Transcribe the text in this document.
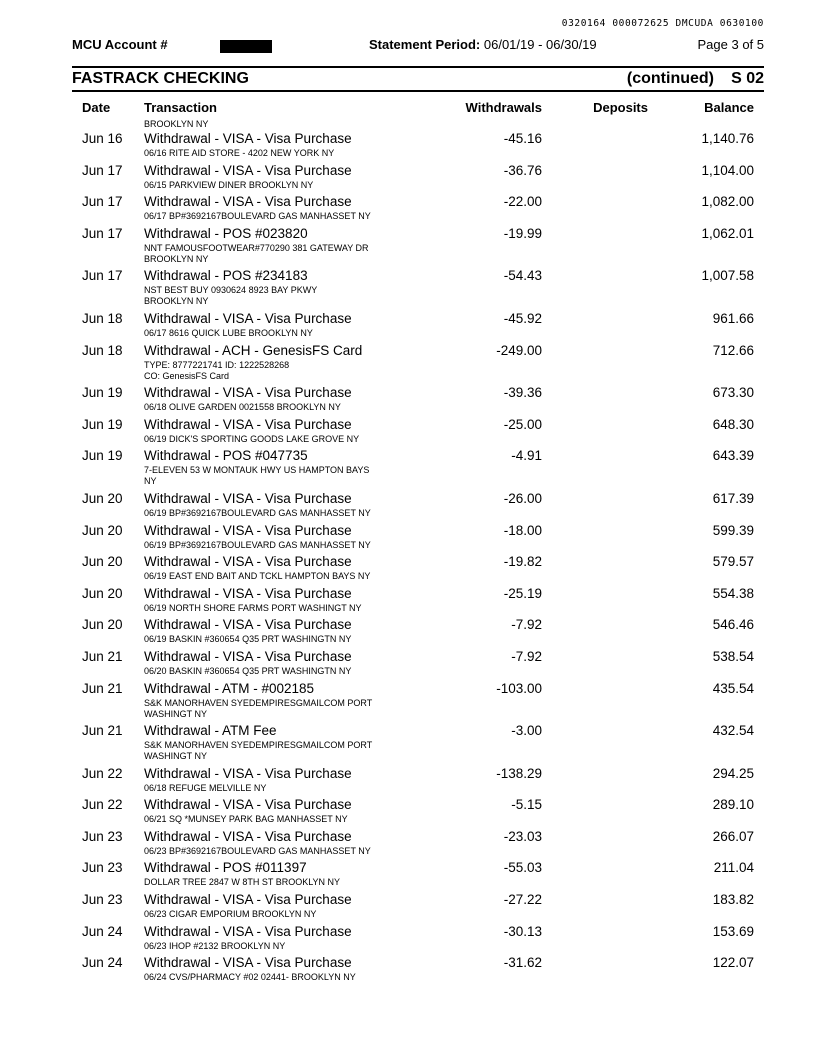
0320164 000072625 DMCUDA 0630100
MCU Account #	Statement Period: 06/01/19 - 06/30/19	Page 3 of 5
FASTRACK CHECKING	(continued) S 02
Date	Transaction	Withdrawals	Deposits	Balance
BROOKLYN NY
Jun 16 Withdrawal - VISA - Visa Purchase	-45.16	1,140.76
06/16 RITE AID STORE - 4202 NEW YORK NY
Jun 17 Withdrawal - VISA - Visa Purchase	-36.76	1,104.00
06/15 PARKVIEW DINER BROOKLYN NY
Jun 17 Withdrawal - VISA - Visa Purchase	-22.00	1,082.00
06/17 BP#3692167BOULEVARD GAS MANHASSET NY
Jun 17 Withdrawal - POS #023820	-19.99	1,062.01
NNT FAMOUSFOOTWEAR#770290 381 GATEWAY DR
BROOKLYN NY
Jun 17 Withdrawal - POS #234183	-54.43	1,007.58
NST BEST BUY 0930624 8923 BAY PKWY
BROOKLYN NY
Jun 18 Withdrawal - VISA - Visa Purchase	-45.92	961.66
06/17 8616 QUICK LUBE BROOKLYN NY
Jun 18 Withdrawal - ACH - GenesisFS Card	-249.00	712.66
TYPE: 8777221741 ID: 1222528268
CO: GenesisFS Card
Jun 19 Withdrawal - VISA - Visa Purchase	-39.36	673.30
06/18 OLIVE GARDEN 0021558 BROOKLYN NY
Jun 19 Withdrawal - VISA - Visa Purchase	-25.00	648.30
06/19 DICK'S SPORTING GOODS LAKE GROVE NY
Jun 19 Withdrawal - POS #047735	-4.91	643.39
7-ELEVEN 53 W MONTAUK HWY US HAMPTON BAYS
NY
Jun 20 Withdrawal - VISA - Visa Purchase	-26.00	617.39
06/19 BP#3692167BOULEVARD GAS MANHASSET NY
Jun 20 Withdrawal - VISA - Visa Purchase	-18.00	599.39
06/19 BP#3692167BOULEVARD GAS MANHASSET NY
Jun 20 Withdrawal - VISA - Visa Purchase	-19.82	579.57
06/19 EAST END BAIT AND TCKL HAMPTON BAYS NY
Jun 20 Withdrawal - VISA - Visa Purchase	-25.19	554.38
06/19 NORTH SHORE FARMS PORT WASHINGT NY
Jun 20 Withdrawal - VISA - Visa Purchase	-7.92	546.46
06/19 BASKIN #360654 Q35 PRT WASHINGTN NY
Jun 21 Withdrawal - VISA - Visa Purchase	-7.92	538.54
06/20 BASKIN #360654 Q35 PRT WASHINGTN NY
Jun 21 Withdrawal - ATM - #002185	-103.00	435.54
S&K MANORHAVEN SYEDEMPIRESGMAILCOM PORT
WASHINGT NY
Jun 21 Withdrawal - ATM Fee	-3.00	432.54
S&K MANORHAVEN SYEDEMPIRESGMAILCOM PORT
WASHINGT NY
Jun 22 Withdrawal - VISA - Visa Purchase	-138.29	294.25
06/18 REFUGE MELVILLE NY
Jun 22 Withdrawal - VISA - Visa Purchase	-5.15	289.10
06/21 SQ *MUNSEY PARK BAG MANHASSET NY
Jun 23 Withdrawal - VISA - Visa Purchase	-23.03	266.07
06/23 BP#3692167BOULEVARD GAS MANHASSET NY
Jun 23 Withdrawal - POS #011397	-55.03	211.04
DOLLAR TREE 2847 W 8TH ST BROOKLYN NY
Jun 23 Withdrawal - VISA - Visa Purchase	-27.22	183.82
06/23 CIGAR EMPORIUM BROOKLYN NY
Jun 24 Withdrawal - VISA - Visa Purchase	-30.13	153.69
06/23 IHOP #2132 BROOKLYN NY
Jun 24 Withdrawal - VISA - Visa Purchase	-31.62	122.07
06/24 CVS/PHARMACY #02 02441- BROOKLYN NY
